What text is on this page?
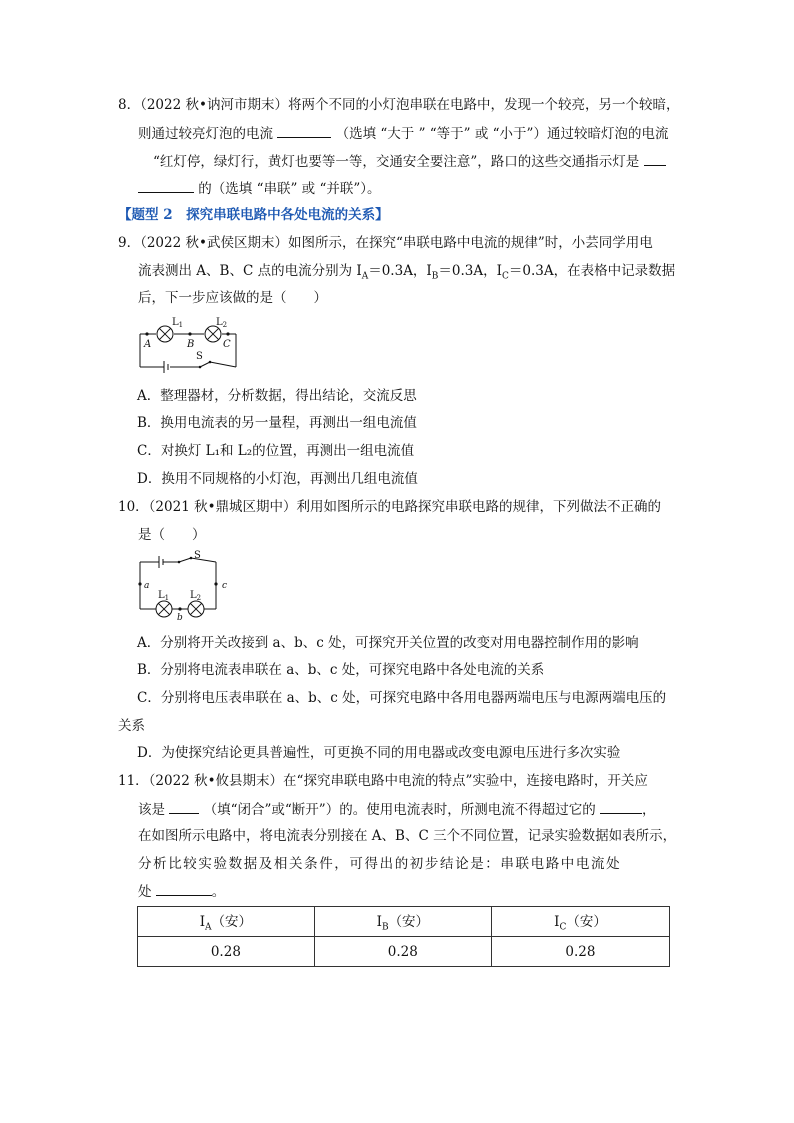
8．（2022 秋•讷河市期末）将两个不同的小灯泡串联在电路中，发现一个较亮，另一个较暗，
则通过较亮灯泡的电流	（选填 “大于 ” “等于” 或 “小于”）通过较暗灯泡的电流
“红灯停，绿灯行，黄灯也要等一等，交通安全要注意”，路口的这些交通指示灯是
的（选填 “串联” 或 “并联”）。
【题型 2　探究串联电路中各处电流的关系】
9．（2022 秋•武侯区期末）如图所示，在探究“串联电路中电流的规律”时，小芸同学用电
流表测出 A、B、C 点的电流分别为 $I_A=0.3A$，$I_B=0.3A$，$I_C=0.3A$，在表格中记录数据
后，下一步应该做的是（　　）
$L_1$	$L_2$
A	B	C
S
A．整理器材，分析数据，得出结论，交流反思
B．换用电流表的另一量程，再测出一组电流值
C．对换灯 L₁和 L₂的位置，再测出一组电流值
D．换用不同规格的小灯泡，再测出几组电流值
10．（2021 秋•鼎城区期中）利用如图所示的电路探究串联电路的规律，下列做法不正确的
是（　　）
S
a	c
b
$L_1$ $L_2$
A．分别将开关改接到 a、b、c 处，可探究开关位置的改变对用电器控制作用的影响
B．分别将电流表串联在 a、b、c 处，可探究电路中各处电流的关系
C．分别将电压表串联在 a、b、c 处，可探究电路中各用电器两端电压与电源两端电压的
关系
D．为使探究结论更具普遍性，可更换不同的用电器或改变电源电压进行多次实验
11．（2022 秋•攸县期末）在“探究串联电路中电流的特点”实验中，连接电路时，开关应
该是	（填“闭合”或“断开”）的。使用电流表时，所测电流不得超过它的	，
在如图所示电路中，将电流表分别接在 A、B、C 三个不同位置，记录实验数据如表所示，
分析比较实验数据及相关条件，可得出的初步结论是：串联电路中电流处
处	。
$I_A$（安）	$I_B$（安）	$I_C$（安）
0.28	0.28	0.28
